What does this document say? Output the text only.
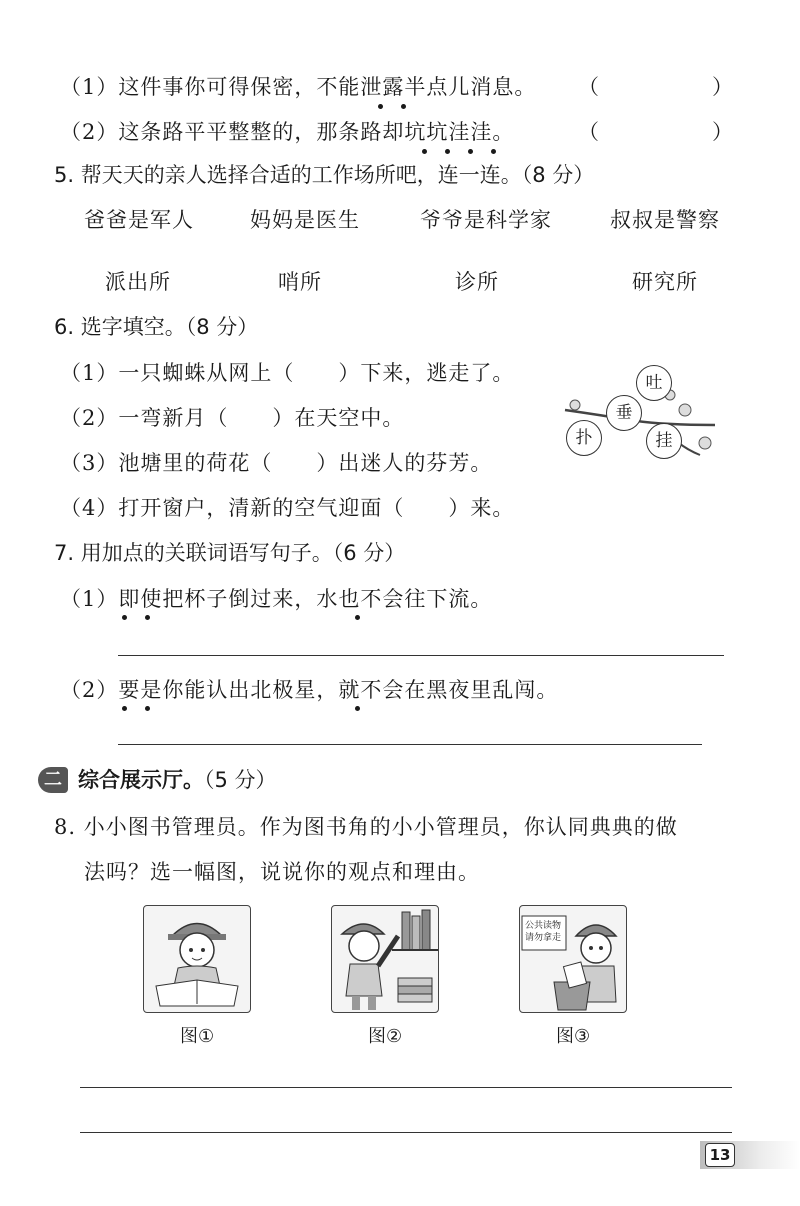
（1）这件事你可得保密，不能泄露半点儿消息。 （	）
（2）这条路平平整整的，那条路却坑坑洼洼。	（	）
5. 帮天天的亲人选择合适的工作场所吧，连一连。（8 分）
爸爸是军人	妈妈是医生	爷爷是科学家	叔叔是警察
派出所	哨所	诊所	研究所
6. 选字填空。（8 分）
（1）一只蜘蛛从网上（　　）下来，逃走了。
（2）一弯新月（　　）在天空中。
（3）池塘里的荷花（　　）出迷人的芬芳。
（4）打开窗户，清新的空气迎面（　　）来。
吐
垂
扑	挂
7. 用加点的关联词语写句子。（6 分）
（1）即使把杯子倒过来，水也不会往下流。
（2）要是你能认出北极星，就不会在黑夜里乱闯。
二 综合展示厅。（5 分）
8. 小小图书管理员。作为图书角的小小管理员，你认同典典的做
法吗？选一幅图，说说你的观点和理由。
图①	图②
公共读物
请勿拿走
图③
13
